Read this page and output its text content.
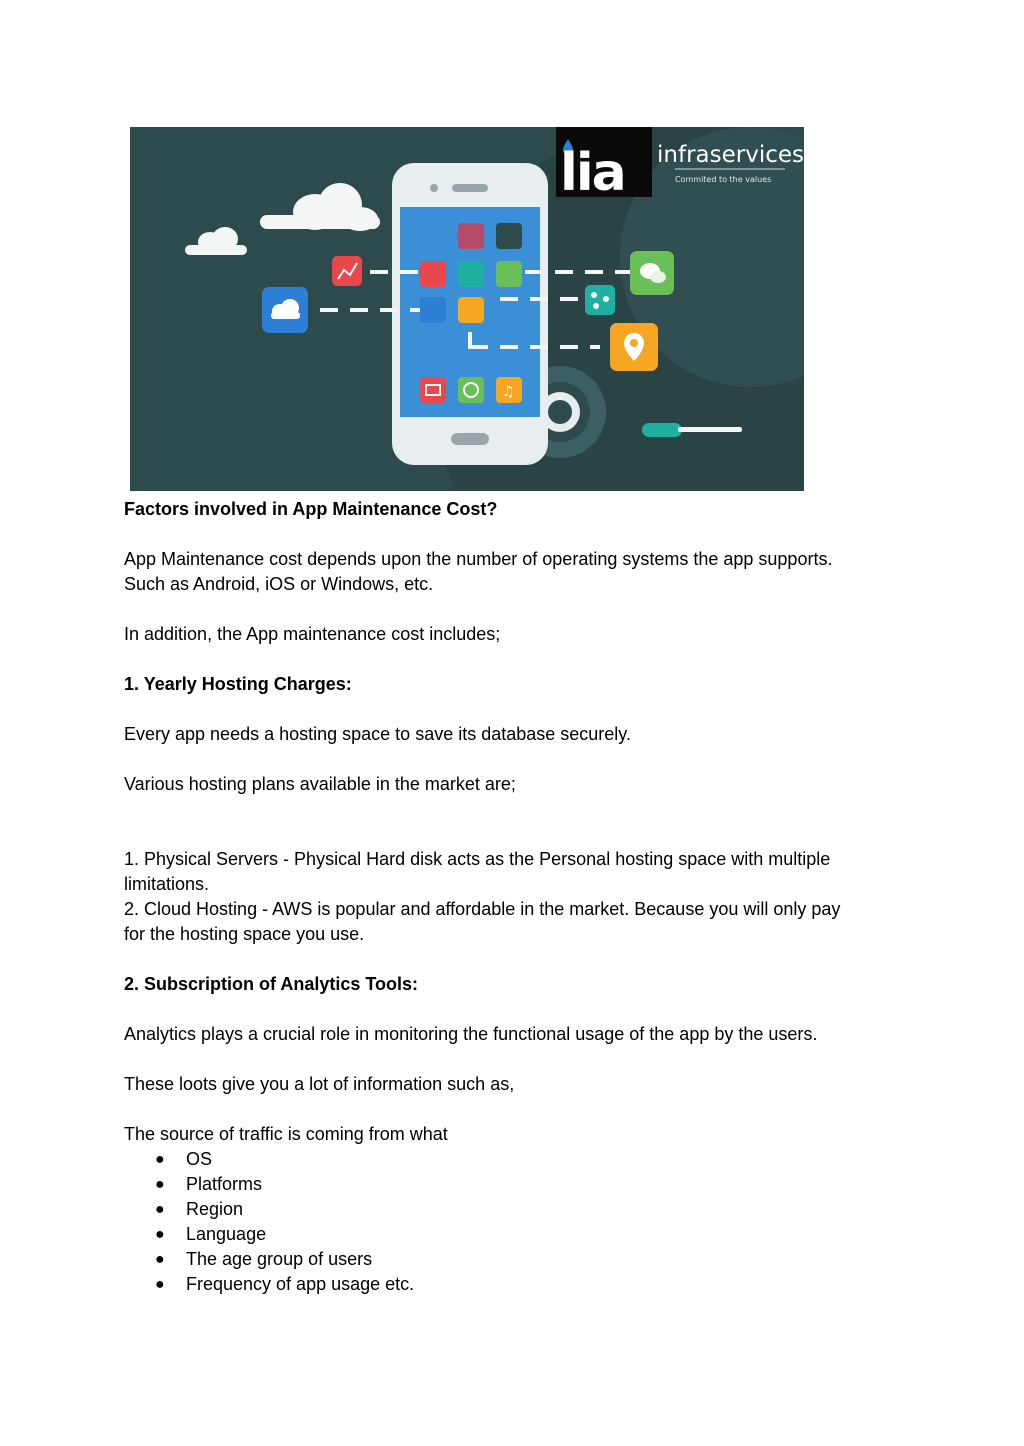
♫
lia infraservices
Commited to the values

Factors involved in App Maintenance Cost?

App Maintenance cost depends upon the number of operating systems the app supports.

Such as Android, iOS or Windows, etc.

In addition, the App maintenance cost includes;

1. Yearly Hosting Charges:

Every app needs a hosting space to save its database securely.

Various hosting plans available in the market are;

1. Physical Servers - Physical Hard disk acts as the Personal hosting space with multiple

limitations.

2. Cloud Hosting - AWS is popular and affordable in the market. Because you will only pay

for the hosting space you use.

2. Subscription of Analytics Tools:

Analytics plays a crucial role in monitoring the functional usage of the app by the users.

These loots give you a lot of information such as,

The source of traffic is coming from what

● OS
● Platforms
● Region
● Language
● The age group of users
● Frequency of app usage etc.
